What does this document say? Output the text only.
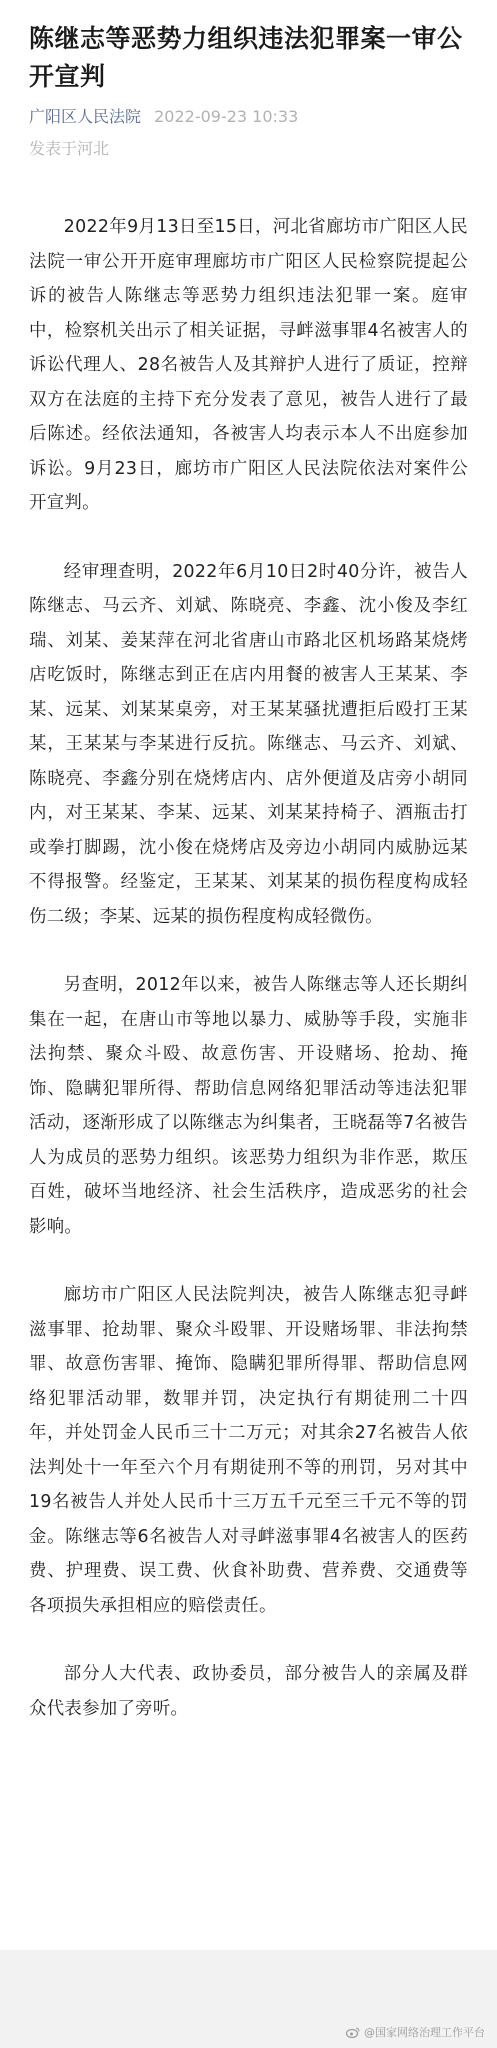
陈继志等恶势力组织违法犯罪案一审公开宣判
广阳区人民法院 2022-09-23 10:33
发表于河北

2022年9月13日至15日，河北省廊坊市广阳区人民法院一审公开开庭审理廊坊市广阳区人民检察院提起公诉的被告人陈继志等恶势力组织违法犯罪一案。庭审中，检察机关出示了相关证据，寻衅滋事罪4名被害人的诉讼代理人、28名被告人及其辩护人进行了质证，控辩双方在法庭的主持下充分发表了意见，被告人进行了最后陈述。经依法通知，各被害人均表示本人不出庭参加诉讼。9月23日，廊坊市广阳区人民法院依法对案件公开宣判。

经审理查明，2022年6月10日2时40分许，被告人陈继志、马云齐、刘斌、陈晓亮、李鑫、沈小俊及李红瑞、刘某、姜某萍在河北省唐山市路北区机场路某烧烤店吃饭时，陈继志到正在店内用餐的被害人王某某、李某、远某、刘某某桌旁，对王某某骚扰遭拒后殴打王某某，王某某与李某进行反抗。陈继志、马云齐、刘斌、陈晓亮、李鑫分别在烧烤店内、店外便道及店旁小胡同内，对王某某、李某、远某、刘某某持椅子、酒瓶击打或拳打脚踢，沈小俊在烧烤店及旁边小胡同内威胁远某不得报警。经鉴定，王某某、刘某某的损伤程度构成轻伤二级；李某、远某的损伤程度构成轻微伤。

另查明，2012年以来，被告人陈继志等人还长期纠集在一起，在唐山市等地以暴力、威胁等手段，实施非法拘禁、聚众斗殴、故意伤害、开设赌场、抢劫、掩饰、隐瞒犯罪所得、帮助信息网络犯罪活动等违法犯罪活动，逐渐形成了以陈继志为纠集者，王晓磊等7名被告人为成员的恶势力组织。该恶势力组织为非作恶，欺压百姓，破坏当地经济、社会生活秩序，造成恶劣的社会影响。

廊坊市广阳区人民法院判决，被告人陈继志犯寻衅滋事罪、抢劫罪、聚众斗殴罪、开设赌场罪、非法拘禁罪、故意伤害罪、掩饰、隐瞒犯罪所得罪、帮助信息网络犯罪活动罪，数罪并罚，决定执行有期徒刑二十四年，并处罚金人民币三十二万元；对其余27名被告人依法判处十一年至六个月有期徒刑不等的刑罚，另对其中19名被告人并处人民币十三万五千元至三千元不等的罚金。陈继志等6名被告人对寻衅滋事罪4名被害人的医药费、护理费、误工费、伙食补助费、营养费、交通费等各项损失承担相应的赔偿责任。

部分人大代表、政协委员，部分被告人的亲属及群众代表参加了旁听。

@国家网络治理工作平台
